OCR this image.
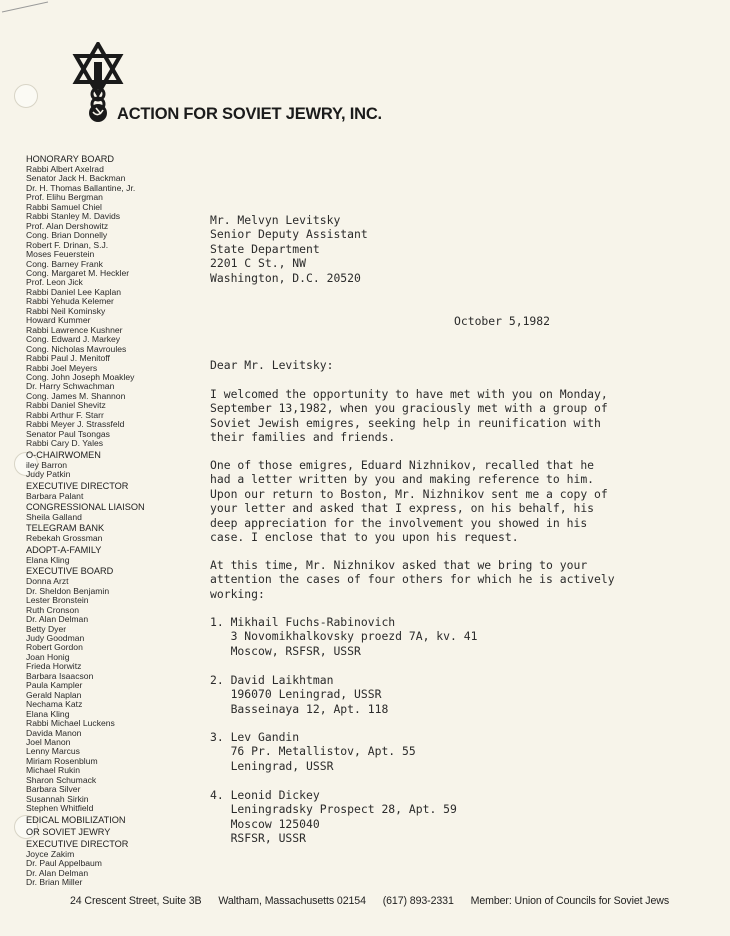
ACTION FOR SOVIET JEWRY, INC.
HONORARY BOARD
Rabbi Albert Axelrad
Senator Jack H. Backman
Dr. H. Thomas Ballantine, Jr.
Prof. Elihu Bergman
Rabbi Samuel Chiel
Rabbi Stanley M. Davids
Prof. Alan Dershowitz
Cong. Brian Donnelly
Robert F. Drinan, S.J.
Moses Feuerstein
Cong. Barney Frank
Cong. Margaret M. Heckler
Prof. Leon Jick
Rabbi Daniel Lee Kaplan
Rabbi Yehuda Kelemer
Rabbi Neil Kominsky
Howard Kummer
Rabbi Lawrence Kushner
Cong. Edward J. Markey
Cong. Nicholas Mavroules
Rabbi Paul J. Menitoff
Rabbi Joel Meyers
Cong. John Joseph Moakley
Dr. Harry Schwachman
Cong. James M. Shannon
Rabbi Daniel Shevitz
Rabbi Arthur F. Starr
Rabbi Meyer J. Strassfeld
Senator Paul Tsongas
Rabbi Cary D. Yales
O-CHAIRWOMEN
iley Barron
Judy Patkin
EXECUTIVE DIRECTOR
Barbara Palant
CONGRESSIONAL LIAISON
Sheila Galland
TELEGRAM BANK
Rebekah Grossman
ADOPT-A-FAMILY
Elana Kling
EXECUTIVE BOARD
Donna Arzt
Dr. Sheldon Benjamin
Lester Bronstein
Ruth Cronson
Dr. Alan Delman
Betty Dyer
Judy Goodman
Robert Gordon
Joan Honig
Frieda Horwitz
Barbara Isaacson
Paula Kampler
Gerald Naplan
Nechama Katz
Elana Kling
Rabbi Michael Luckens
Davida Manon
Joel Manon
Lenny Marcus
Miriam Rosenblum
Michael Rukin
Sharon Schumack
Barbara Silver
Susannah Sirkin
Stephen Whitfield
EDICAL MOBILIZATION
OR SOVIET JEWRY
EXECUTIVE DIRECTOR
Joyce Zakim
Dr. Paul Appelbaum
Dr. Alan Delman
Dr. Brian Miller
Mr. Melvyn Levitsky
Senior Deputy Assistant
State Department
2201 C St., NW
Washington, D.C. 20520
October 5,1982
Dear Mr. Levitsky:
I welcomed the opportunity to have met with you on Monday,
September 13,1982, when you graciously met with a group of
Soviet Jewish emigres, seeking help in reunification with
their families and friends.
One of those emigres, Eduard Nizhnikov, recalled that he
had a letter written by you and making reference to him.
Upon our return to Boston, Mr. Nizhnikov sent me a copy of
your letter and asked that I express, on his behalf, his
deep appreciation for the involvement you showed in his
case. I enclose that to you upon his request.
At this time, Mr. Nizhnikov asked that we bring to your
attention the cases of four others for which he is actively
working:
1. Mikhail Fuchs-Rabinovich
3 Novomikhalkovsky proezd 7A, kv. 41
Moscow, RSFSR, USSR
2. David Laikhtman
196070 Leningrad, USSR
Basseinaya 12, Apt. 118
3. Lev Gandin
76 Pr. Metallistov, Apt. 55
Leningrad, USSR
4. Leonid Dickey
Leningradsky Prospect 28, Apt. 59
Moscow 125040
RSFSR, USSR
24 Crescent Street, Suite 3B Waltham, Massachusetts 02154 (617) 893-2331 Member: Union of Councils for Soviet Jews
